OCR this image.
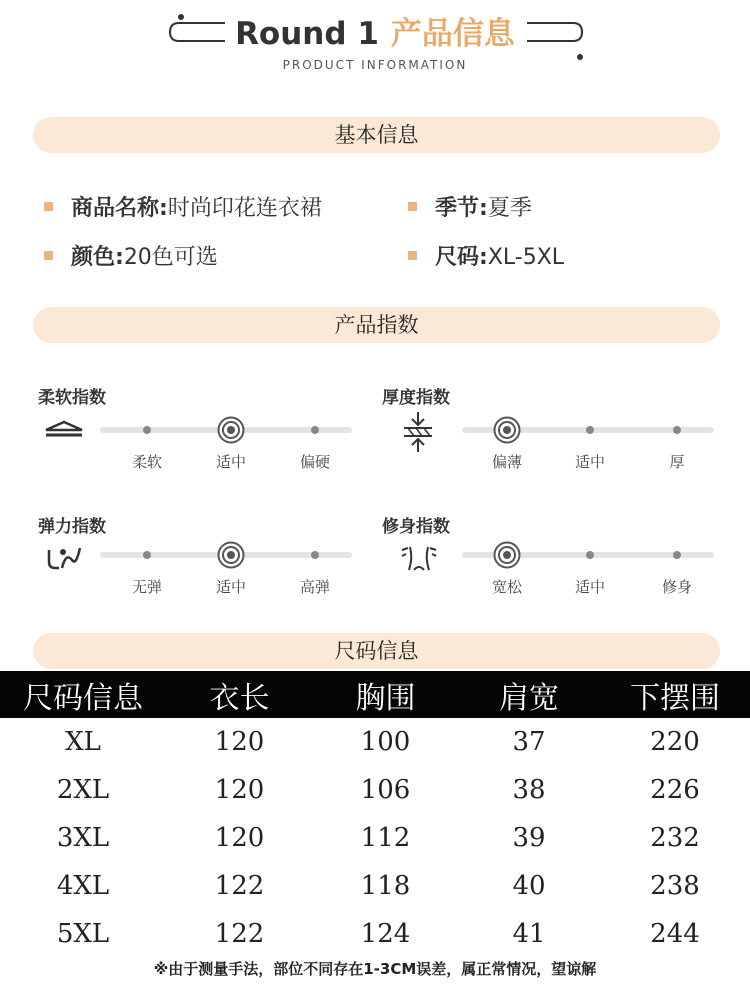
Round 1 产品信息
PRODUCT INFORMATION
基本信息
商品名称:时尚印花连衣裙	季节:夏季
颜色:20色可选	尺码:XL-5XL
产品指数
柔软指数
柔软	适中	偏硬
厚度指数
偏薄	适中	厚
弹力指数
无弹	适中	高弹
修身指数
宽松	适中	修身
尺码信息
尺码信息	衣长	胸围	肩宽	下摆围
XL	120	100	37	220
2XL	120	106	38	226
3XL	120	112	39	232
4XL	122	118	40	238
5XL	122	124	41	244
※由于测量手法，部位不同存在1-3CM误差，属正常情况，望谅解
